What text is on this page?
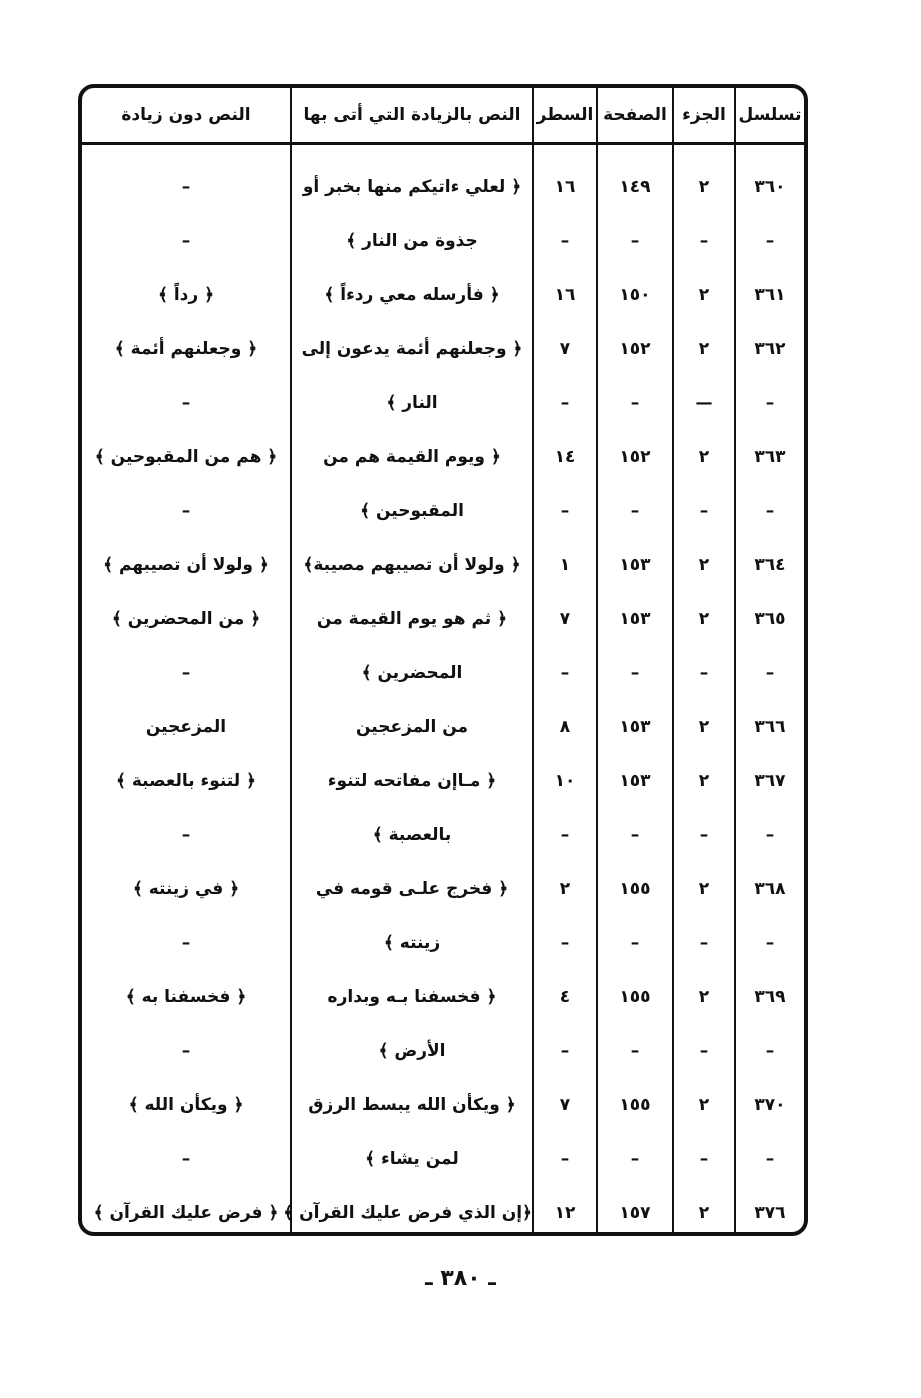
تسلسل	الجزء	الصفحة	السطر	النص بالزيادة التي أتى بها	النص دون زيادة

٣٦٠	٢	١٤٩	١٦	﴿ لعلي ءاتيكم منها بخبر أو	–
–	–	–	–	جذوة من النار ﴾	–
٣٦١	٢	١٥٠	١٦	﴿ فأرسله معي ردءاً ﴾	﴿ رداً ﴾
٣٦٢	٢	١٥٢	٧	﴿ وجعلنهم أئمة يدعون إلى	﴿ وجعلنهم أئمة ﴾
–	—	–	–	النار ﴾	–
٣٦٣	٢	١٥٢	١٤	﴿ ويوم القيمة هم من	﴿ هم من المقبوحين ﴾
–	–	–	–	المقبوحين ﴾	–
٣٦٤	٢	١٥٣	١	﴿ ولولا أن تصيبهم مصيبة﴾	﴿ ولولا أن تصيبهم ﴾
٣٦٥	٢	١٥٣	٧	﴿ ثم هو يوم القيمة من	﴿ من المحضرين ﴾
–	–	–	–	المحضرين ﴾	–
٣٦٦	٢	١٥٣	٨	من المزعجين	المزعجين
٣٦٧	٢	١٥٣	١٠	﴿ مـاإن مفاتحه لتنوء	﴿ لتنوء بالعصبة ﴾
–	–	–	–	بالعصبة ﴾	–
٣٦٨	٢	١٥٥	٢	﴿ فخرج علـى قومه في	﴿ في زينته ﴾
–	–	–	–	زينته ﴾	–
٣٦٩	٢	١٥٥	٤	﴿ فخسفنا بـه وبداره	﴿ فخسفنا به ﴾
–	–	–	–	الأرض ﴾	–
٣٧٠	٢	١٥٥	٧	﴿ ويكأن الله يبسط الرزق	﴿ ويكأن الله ﴾
–	–	–	–	لمن يشاء ﴾	–
٣٧٦	٢	١٥٧	١٢	﴿إن الذي فرض عليك القرآن ﴾	﴿ فرض عليك القرآن ﴾
ـ ٣٨٠ ـ
